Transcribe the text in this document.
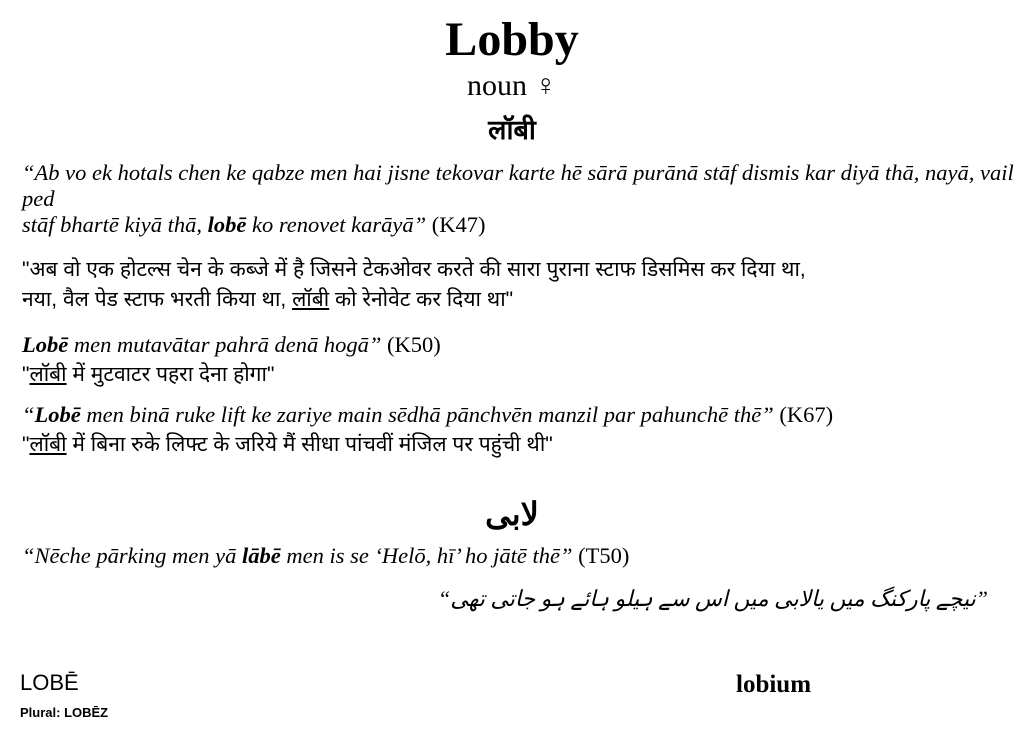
Lobby
noun ♀
लॉबी
“Ab vo ek hotals chen ke qabze men hai jisne tekovar karte hē sārā purānā stāf dismis kar diyā thā, nayā, vail ped
stāf bhartē kiyā thā, lobē ko renovet karāyā” (K47)
"अब वो एक होटल्स चेन के कब्जे में है जिसने टेकओवर करते की सारा पुराना स्टाफ डिसमिस कर दिया था,
नया, वैल पेड स्टाफ भरती किया था, लॉबी को रेनोवेट कर दिया था"
Lobē men mutavātar pahrā denā hogā” (K50)
"लॉबी में मुटवाटर पहरा देना होगा"
“Lobē men binā ruke lift ke zariye main sēdhā pānchvēn manzil par pahunchē thē” (K67)
"लॉबी में बिना रुके लिफ्ट के जरिये मैं सीधा पांचवीं मंजिल पर पहुंची थी"
لابی
“Nēche pārking men yā lābē men is se ‘Helō, hī’ ho jātē thē” (T50)
”نیچے پارکنگ میں یالابی میں اس سے ہیلو ہائے ہو جاتی تھی“
LOBĒ
Plural: LOBĒZ
lobium
